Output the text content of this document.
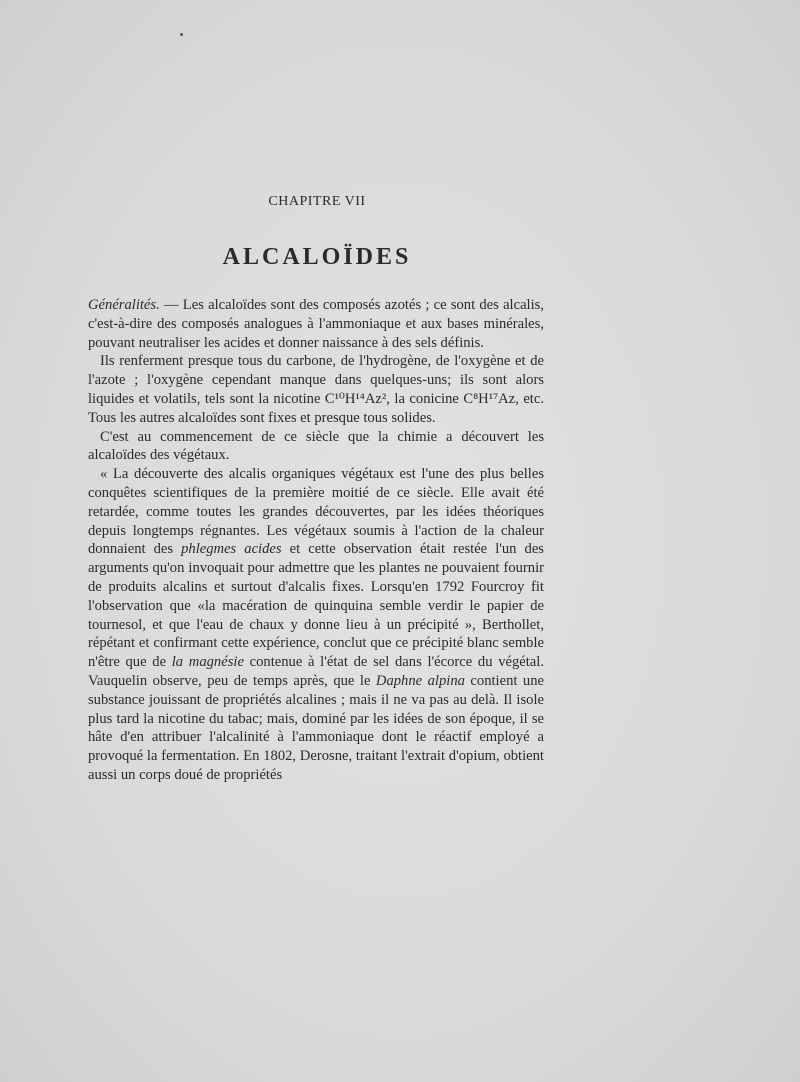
CHAPITRE VII
ALCALOÏDES

Généralités. — Les alcaloïdes sont des composés azotés ; ce sont des alcalis, c'est-à-dire des composés analogues à l'ammoniaque et aux bases minérales, pouvant neutraliser les acides et donner naissance à des sels définis.

Ils renferment presque tous du carbone, de l'hydrogène, de l'oxygène et de l'azote ; l'oxygène cependant manque dans quelques-uns; ils sont alors liquides et volatils, tels sont la nicotine C¹⁰H¹⁴Az², la conicine C⁸H¹⁷Az, etc. Tous les autres alcaloïdes sont fixes et presque tous solides.

C'est au commencement de ce siècle que la chimie a découvert les alcaloïdes des végétaux.

« La découverte des alcalis organiques végétaux est l'une des plus belles conquêtes scientifiques de la première moitié de ce siècle. Elle avait été retardée, comme toutes les grandes découvertes, par les idées théoriques depuis longtemps régnantes. Les végétaux soumis à l'action de la chaleur donnaient des phlegmes acides et cette observation était restée l'un des arguments qu'on invoquait pour admettre que les plantes ne pouvaient fournir de produits alcalins et surtout d'alcalis fixes. Lorsqu'en 1792 Fourcroy fit l'observation que «la macération de quinquina semble verdir le papier de tournesol, et que l'eau de chaux y donne lieu à un précipité », Berthollet, répétant et confirmant cette expérience, conclut que ce précipité blanc semble n'être que de la magnésie contenue à l'état de sel dans l'écorce du végétal. Vauquelin observe, peu de temps après, que le Daphne alpina contient une substance jouissant de propriétés alcalines ; mais il ne va pas au delà. Il isole plus tard la nicotine du tabac; mais, dominé par les idées de son époque, il se hâte d'en attribuer l'alcalinité à l'ammoniaque dont le réactif employé a provoqué la fermentation. En 1802, Derosne, traitant l'extrait d'opium, obtient aussi un corps doué de propriétés
